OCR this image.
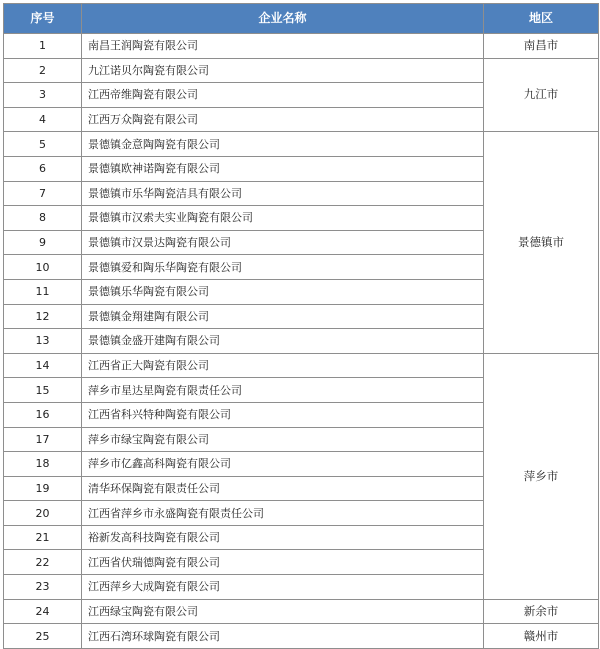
序号	企业名称	地区
1	南昌王润陶瓷有限公司	南昌市
2	九江诺贝尔陶瓷有限公司	九江市
3	江西帝维陶瓷有限公司	
4	江西万众陶瓷有限公司	
5	景德镇金意陶陶瓷有限公司	景德镇市
6	景德镇欧神诺陶瓷有限公司	
7	景德镇市乐华陶瓷洁具有限公司	
8	景德镇市汉索夫实业陶瓷有限公司	
9	景德镇市汉景达陶瓷有限公司	
10	景德镇爱和陶乐华陶瓷有限公司	
11	景德镇乐华陶瓷有限公司	
12	景德镇金翔建陶有限公司	
13	景德镇金盛开建陶有限公司	
14	江西省正大陶瓷有限公司	萍乡市
15	萍乡市星达星陶瓷有限责任公司	
16	江西省科兴特种陶瓷有限公司	
17	萍乡市绿宝陶瓷有限公司	
18	萍乡市亿鑫高科陶瓷有限公司	
19	清华环保陶瓷有限责任公司	
20	江西省萍乡市永盛陶瓷有限责任公司	
21	裕新发高科技陶瓷有限公司	
22	江西省伏瑞德陶瓷有限公司	
23	江西萍乡大成陶瓷有限公司	
24	江西绿宝陶瓷有限公司	新余市
25	江西石湾环球陶瓷有限公司	赣州市
